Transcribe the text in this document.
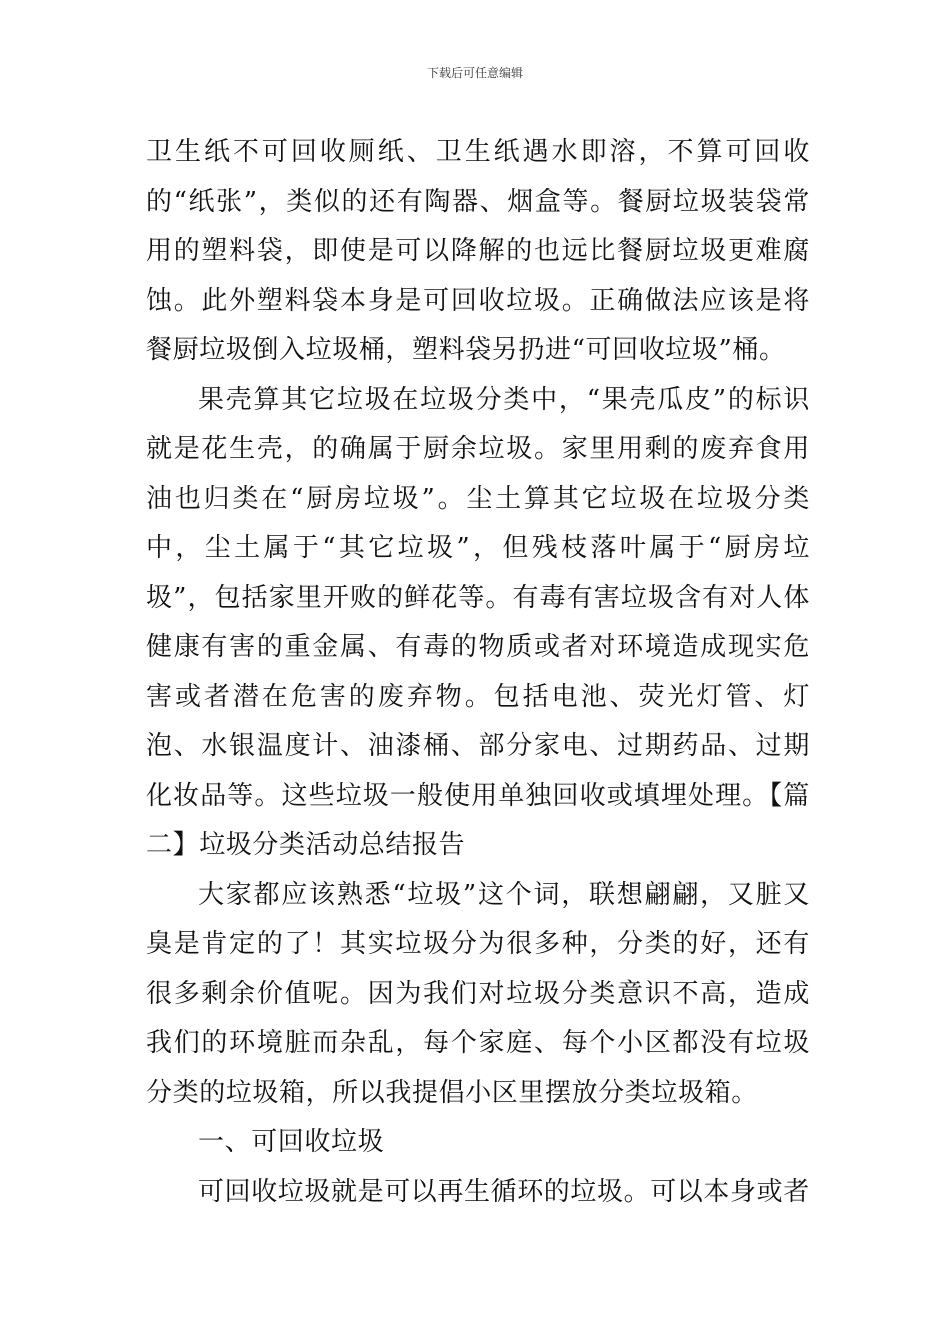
下载后可任意编辑

卫生纸不可回收厕纸、卫生纸遇水即溶，不算可回收的“纸张”，类似的还有陶器、烟盒等。餐厨垃圾装袋常用的塑料袋，即使是可以降解的也远比餐厨垃圾更难腐蚀。此外塑料袋本身是可回收垃圾。正确做法应该是将餐厨垃圾倒入垃圾桶，塑料袋另扔进“可回收垃圾”桶。

果壳算其它垃圾在垃圾分类中，“果壳瓜皮”的标识就是花生壳，的确属于厨余垃圾。家里用剩的废弃食用油也归类在“厨房垃圾”。尘土算其它垃圾在垃圾分类中，尘土属于“其它垃圾”，但残枝落叶属于“厨房垃圾”，包括家里开败的鲜花等。有毒有害垃圾含有对人体健康有害的重金属、有毒的物质或者对环境造成现实危害或者潜在危害的废弃物。包括电池、荧光灯管、灯泡、水银温度计、油漆桶、部分家电、过期药品、过期化妆品等。这些垃圾一般使用单独回收或填埋处理。【篇二】垃圾分类活动总结报告

大家都应该熟悉“垃圾”这个词，联想翩翩，又脏又臭是肯定的了！其实垃圾分为很多种，分类的好，还有很多剩余价值呢。因为我们对垃圾分类意识不高，造成我们的环境脏而杂乱，每个家庭、每个小区都没有垃圾分类的垃圾箱，所以我提倡小区里摆放分类垃圾箱。

一、可回收垃圾

可回收垃圾就是可以再生循环的垃圾。可以本身或者
